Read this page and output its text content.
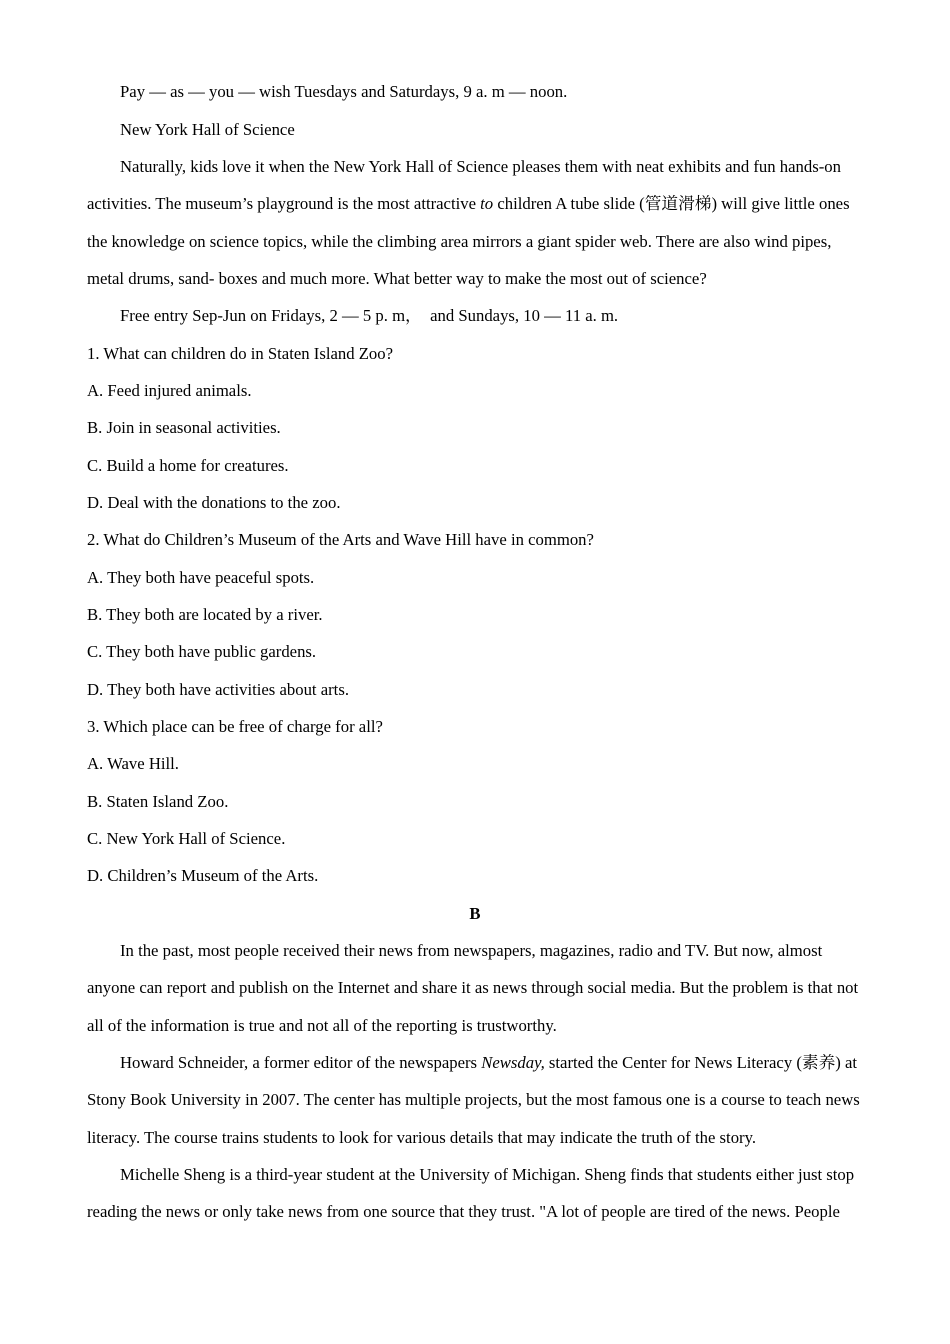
Pay — as — you — wish Tuesdays and Saturdays, 9 a. m — noon.
New York Hall of Science
Naturally, kids love it when the New York Hall of Science pleases them with neat exhibits and fun hands-on
activities. The museum’s playground is the most attractive to children A tube slide (管道滑梯) will give little ones
the knowledge on science topics, while the climbing area mirrors a giant spider web. There are also wind pipes,
metal drums, sand- boxes and much more. What better way to make the most out of science?
Free entry Sep-Jun on Fridays, 2 — 5 p. m，  and Sundays, 10 — 11 a. m.
1. What can children do in Staten Island Zoo?
A. Feed injured animals.
B. Join in seasonal activities.
C. Build a home for creatures.
D. Deal with the donations to the zoo.
2. What do Children’s Museum of the Arts and Wave Hill have in common?
A. They both have peaceful spots.
B. They both are located by a river.
C. They both have public gardens.
D. They both have activities about arts.
3. Which place can be free of charge for all?
A. Wave Hill.
B. Staten Island Zoo.
C. New York Hall of Science.
D. Children’s Museum of the Arts.
B
In the past, most people received their news from newspapers, magazines, radio and TV. But now, almost
anyone can report and publish on the Internet and share it as news through social media. But the problem is that not
all of the information is true and not all of the reporting is trustworthy.
Howard Schneider, a former editor of the newspapers Newsday, started the Center for News Literacy (素养) at
Stony Book University in 2007. The center has multiple projects, but the most famous one is a course to teach news
literacy. The course trains students to look for various details that may indicate the truth of the story.
Michelle Sheng is a third-year student at the University of Michigan. Sheng finds that students either just stop
reading the news or only take news from one source that they trust. "A lot of people are tired of the news. People
